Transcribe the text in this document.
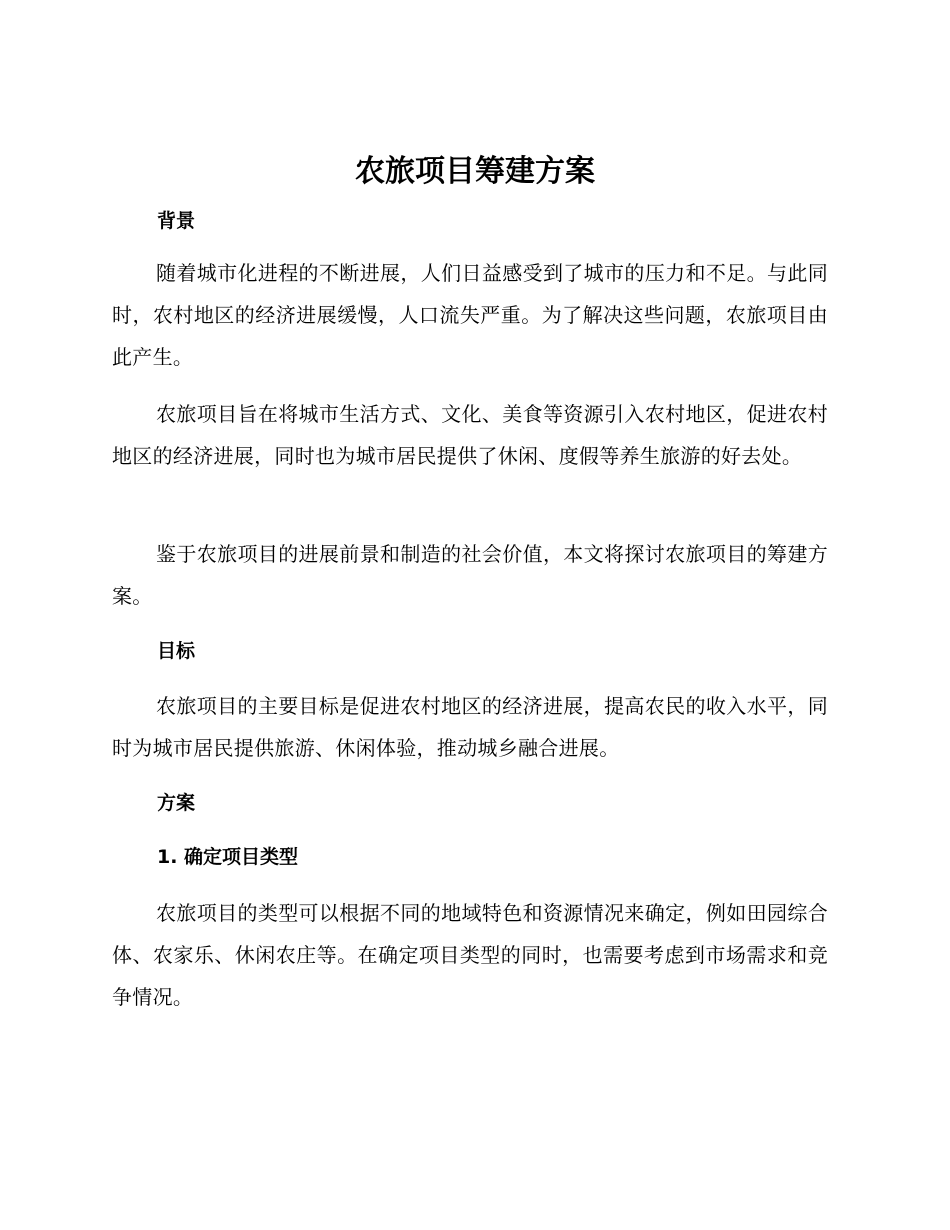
农旅项目筹建方案
背景

随着城市化进程的不断进展，人们日益感受到了城市的压力和不足。与此同时，农村地区的经济进展缓慢，人口流失严重。为了解决这些问题，农旅项目由此产生。

农旅项目旨在将城市生活方式、文化、美食等资源引入农村地区，促进农村地区的经济进展，同时也为城市居民提供了休闲、度假等养生旅游的好去处。

鉴于农旅项目的进展前景和制造的社会价值，本文将探讨农旅项目的筹建方案。

目标

农旅项目的主要目标是促进农村地区的经济进展，提高农民的收入水平，同时为城市居民提供旅游、休闲体验，推动城乡融合进展。

方案
1. 确定项目类型

农旅项目的类型可以根据不同的地域特色和资源情况来确定，例如田园综合体、农家乐、休闲农庄等。在确定项目类型的同时，也需要考虑到市场需求和竞争情况。
